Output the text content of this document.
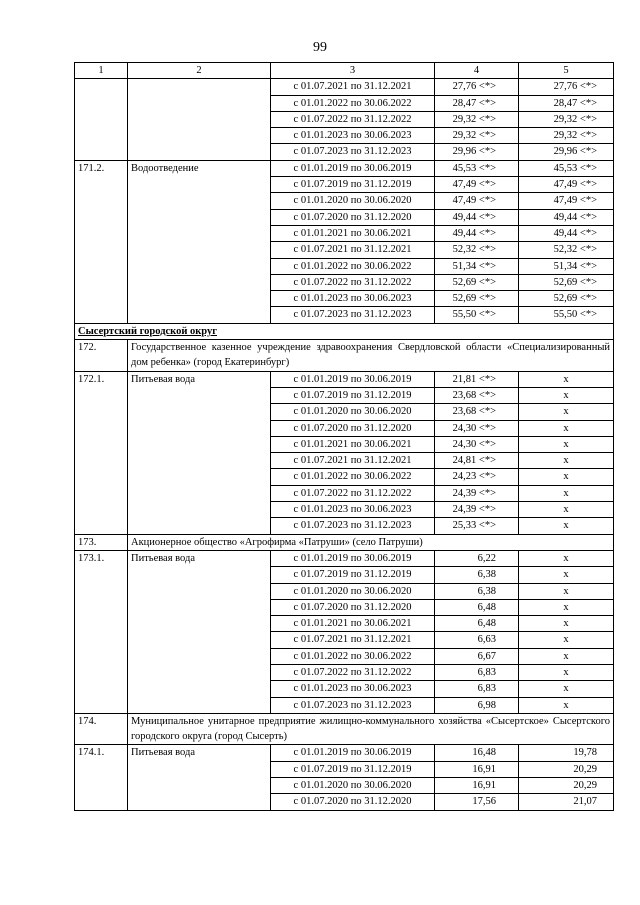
99
1	2	3	4	5
		с 01.07.2021 по 31.12.2021	27,76 <*>	27,76 <*>
		с 01.01.2022 по 30.06.2022	28,47 <*>	28,47 <*>
		с 01.07.2022 по 31.12.2022	29,32 <*>	29,32 <*>
		с 01.01.2023 по 30.06.2023	29,32 <*>	29,32 <*>
		с 01.07.2023 по 31.12.2023	29,96 <*>	29,96 <*>
171.2.	Водоотведение	с 01.01.2019 по 30.06.2019	45,53 <*>	45,53 <*>
		с 01.07.2019 по 31.12.2019	47,49 <*>	47,49 <*>
		с 01.01.2020 по 30.06.2020	47,49 <*>	47,49 <*>
		с 01.07.2020 по 31.12.2020	49,44 <*>	49,44 <*>
		с 01.01.2021 по 30.06.2021	49,44 <*>	49,44 <*>
		с 01.07.2021 по 31.12.2021	52,32 <*>	52,32 <*>
		с 01.01.2022 по 30.06.2022	51,34 <*>	51,34 <*>
		с 01.07.2022 по 31.12.2022	52,69 <*>	52,69 <*>
		с 01.01.2023 по 30.06.2023	52,69 <*>	52,69 <*>
		с 01.07.2023 по 31.12.2023	55,50 <*>	55,50 <*>
Сысертский городской округ				
172.	Государственное казенное учреждение здравоохранения Свердловской области «Специализированный дом ребенка» (город Екатеринбург)			
172.1.	Питьевая вода	с 01.01.2019 по 30.06.2019	21,81 <*>	х
		с 01.07.2019 по 31.12.2019	23,68 <*>	х
		с 01.01.2020 по 30.06.2020	23,68 <*>	х
		с 01.07.2020 по 31.12.2020	24,30 <*>	х
		с 01.01.2021 по 30.06.2021	24,30 <*>	х
		с 01.07.2021 по 31.12.2021	24,81 <*>	х
		с 01.01.2022 по 30.06.2022	24,23 <*>	х
		с 01.07.2022 по 31.12.2022	24,39 <*>	х
		с 01.01.2023 по 30.06.2023	24,39 <*>	х
		с 01.07.2023 по 31.12.2023	25,33 <*>	х
173.	Акционерное общество «Агрофирма «Патруши» (село Патруши)			
173.1.	Питьевая вода	с 01.01.2019 по 30.06.2019	6,22	х
		с 01.07.2019 по 31.12.2019	6,38	х
		с 01.01.2020 по 30.06.2020	6,38	х
		с 01.07.2020 по 31.12.2020	6,48	х
		с 01.01.2021 по 30.06.2021	6,48	х
		с 01.07.2021 по 31.12.2021	6,63	х
		с 01.01.2022 по 30.06.2022	6,67	х
		с 01.07.2022 по 31.12.2022	6,83	х
		с 01.01.2023 по 30.06.2023	6,83	х
		с 01.07.2023 по 31.12.2023	6,98	х
174.	Муниципальное унитарное предприятие жилищно-коммунального хозяйства «Сысертское» Сысертского городского округа (город Сысерть)			
174.1.	Питьевая вода	с 01.01.2019 по 30.06.2019	16,48	19,78
		с 01.07.2019 по 31.12.2019	16,91	20,29
		с 01.01.2020 по 30.06.2020	16,91	20,29
		с 01.07.2020 по 31.12.2020	17,56	21,07
